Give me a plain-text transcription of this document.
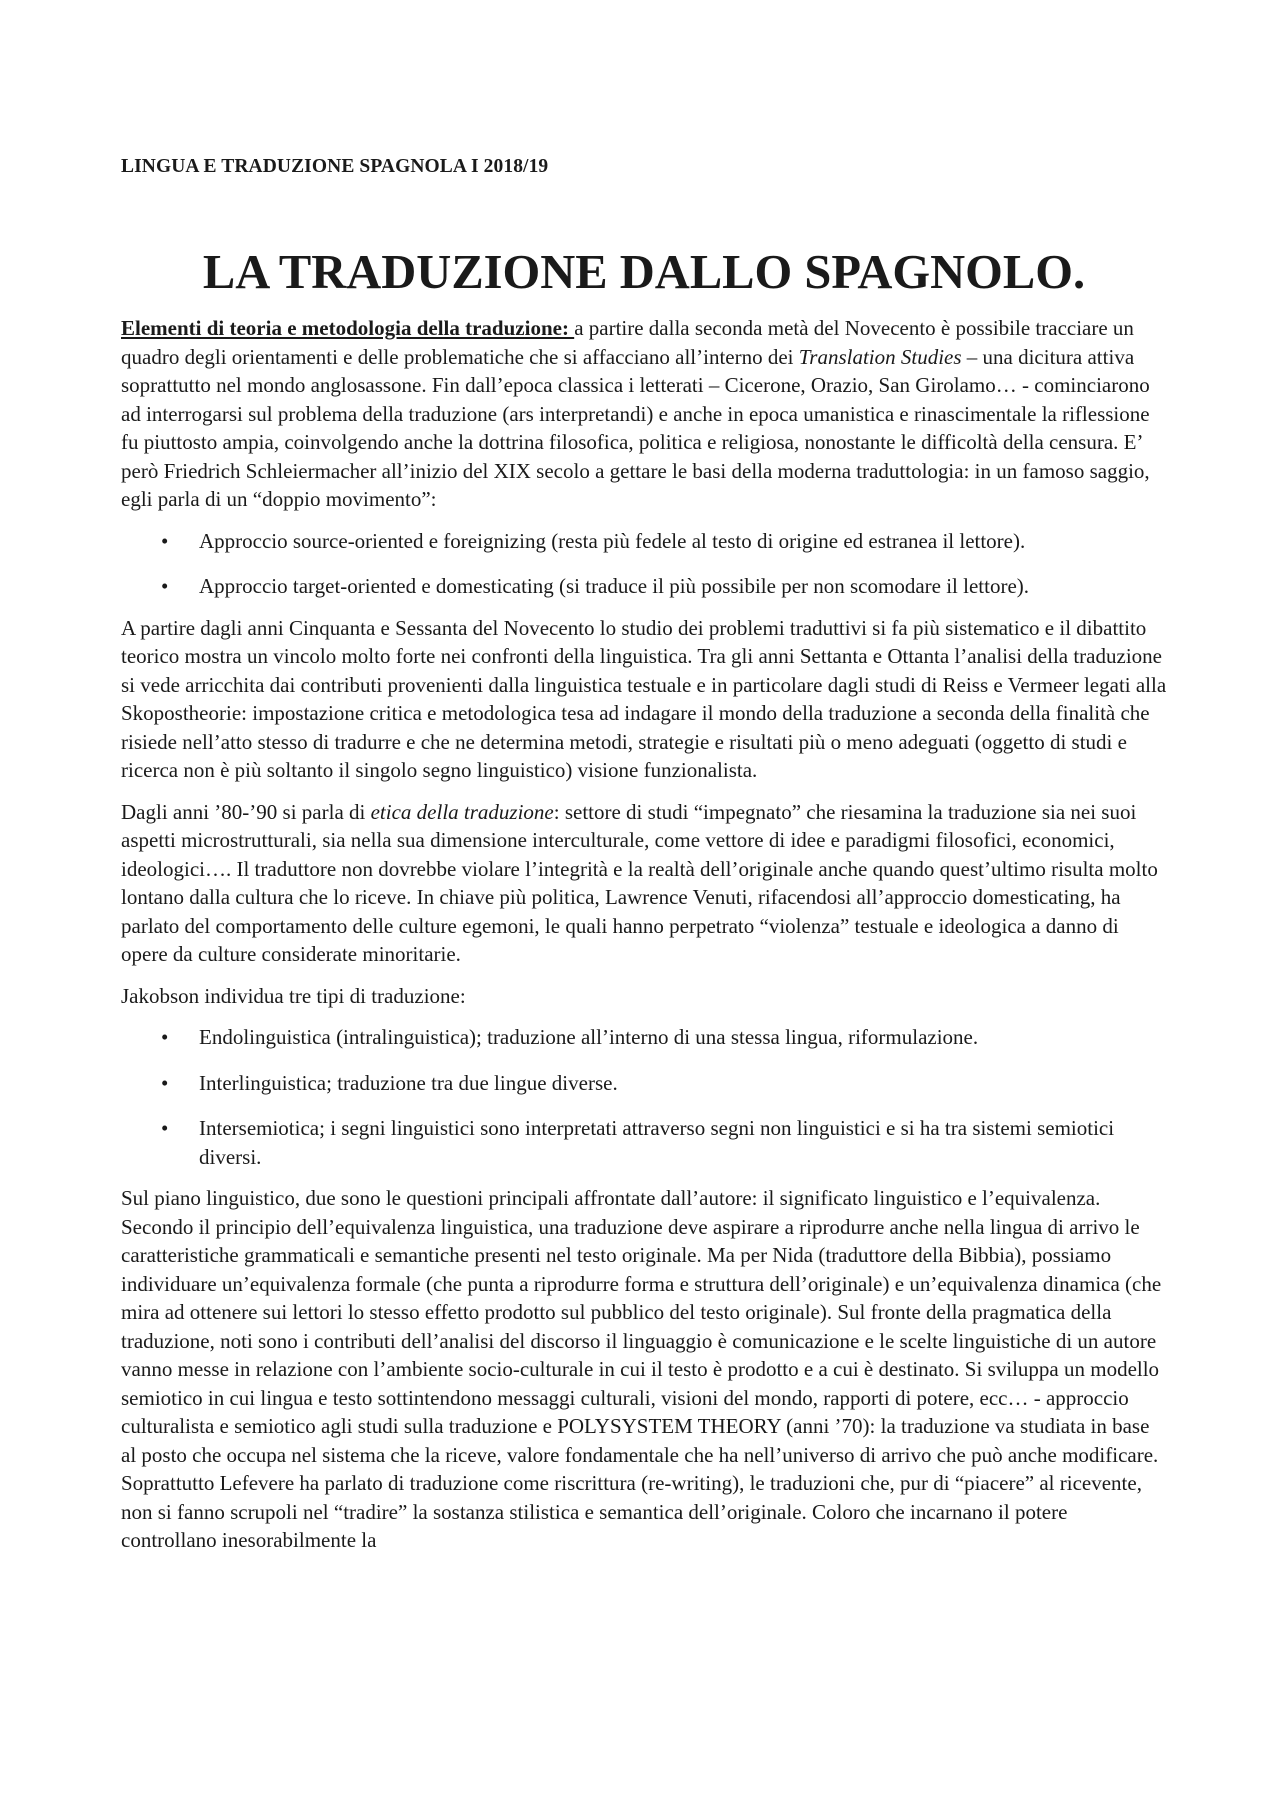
LINGUA E TRADUZIONE SPAGNOLA I 2018/19
LA TRADUZIONE DALLO SPAGNOLO.

Elementi di teoria e metodologia della traduzione: a partire dalla seconda metà del Novecento è possibile tracciare un quadro degli orientamenti e delle problematiche che si affacciano all’interno dei Translation Studies – una dicitura attiva soprattutto nel mondo anglosassone. Fin dall’epoca classica i letterati – Cicerone, Orazio, San Girolamo… - cominciarono ad interrogarsi sul problema della traduzione (ars interpretandi) e anche in epoca umanistica e rinascimentale la riflessione fu piuttosto ampia, coinvolgendo anche la dottrina filosofica, politica e religiosa, nonostante le difficoltà della censura. E’ però Friedrich Schleiermacher all’inizio del XIX secolo a gettare le basi della moderna traduttologia: in un famoso saggio, egli parla di un “doppio movimento”:

• Approccio source-oriented e foreignizing (resta più fedele al testo di origine ed estranea il lettore).
• Approccio target-oriented e domesticating (si traduce il più possibile per non scomodare il lettore).

A partire dagli anni Cinquanta e Sessanta del Novecento lo studio dei problemi traduttivi si fa più sistematico e il dibattito teorico mostra un vincolo molto forte nei confronti della linguistica. Tra gli anni Settanta e Ottanta l’analisi della traduzione si vede arricchita dai contributi provenienti dalla linguistica testuale e in particolare dagli studi di Reiss e Vermeer legati alla Skopostheorie: impostazione critica e metodologica tesa ad indagare il mondo della traduzione a seconda della finalità che risiede nell’atto stesso di tradurre e che ne determina metodi, strategie e risultati più o meno adeguati (oggetto di studi e ricerca non è più soltanto il singolo segno linguistico) visione funzionalista.

Dagli anni ’80-’90 si parla di etica della traduzione: settore di studi “impegnato” che riesamina la traduzione sia nei suoi aspetti microstrutturali, sia nella sua dimensione interculturale, come vettore di idee e paradigmi filosofici, economici, ideologici…. Il traduttore non dovrebbe violare l’integrità e la realtà dell’originale anche quando quest’ultimo risulta molto lontano dalla cultura che lo riceve. In chiave più politica, Lawrence Venuti, rifacendosi all’approccio domesticating, ha parlato del comportamento delle culture egemoni, le quali hanno perpetrato “violenza” testuale e ideologica a danno di opere da culture considerate minoritarie.

Jakobson individua tre tipi di traduzione:

• Endolinguistica (intralinguistica); traduzione all’interno di una stessa lingua, riformulazione.
• Interlinguistica; traduzione tra due lingue diverse.
• Intersemiotica; i segni linguistici sono interpretati attraverso segni non linguistici e si ha tra sistemi semiotici diversi.

Sul piano linguistico, due sono le questioni principali affrontate dall’autore: il significato linguistico e l’equivalenza. Secondo il principio dell’equivalenza linguistica, una traduzione deve aspirare a riprodurre anche nella lingua di arrivo le caratteristiche grammaticali e semantiche presenti nel testo originale. Ma per Nida (traduttore della Bibbia), possiamo individuare un’equivalenza formale (che punta a riprodurre forma e struttura dell’originale) e un’equivalenza dinamica (che mira ad ottenere sui lettori lo stesso effetto prodotto sul pubblico del testo originale). Sul fronte della pragmatica della traduzione, noti sono i contributi dell’analisi del discorso il linguaggio è comunicazione e le scelte linguistiche di un autore vanno messe in relazione con l’ambiente socio-culturale in cui il testo è prodotto e a cui è destinato. Si sviluppa un modello semiotico in cui lingua e testo sottintendono messaggi culturali, visioni del mondo, rapporti di potere, ecc… - approccio culturalista e semiotico agli studi sulla traduzione e POLYSYSTEM THEORY (anni ’70): la traduzione va studiata in base al posto che occupa nel sistema che la riceve, valore fondamentale che ha nell’universo di arrivo che può anche modificare. Soprattutto Lefevere ha parlato di traduzione come riscrittura (re-writing), le traduzioni che, pur di “piacere” al ricevente, non si fanno scrupoli nel “tradire” la sostanza stilistica e semantica dell’originale. Coloro che incarnano il potere controllano inesorabilmente la
